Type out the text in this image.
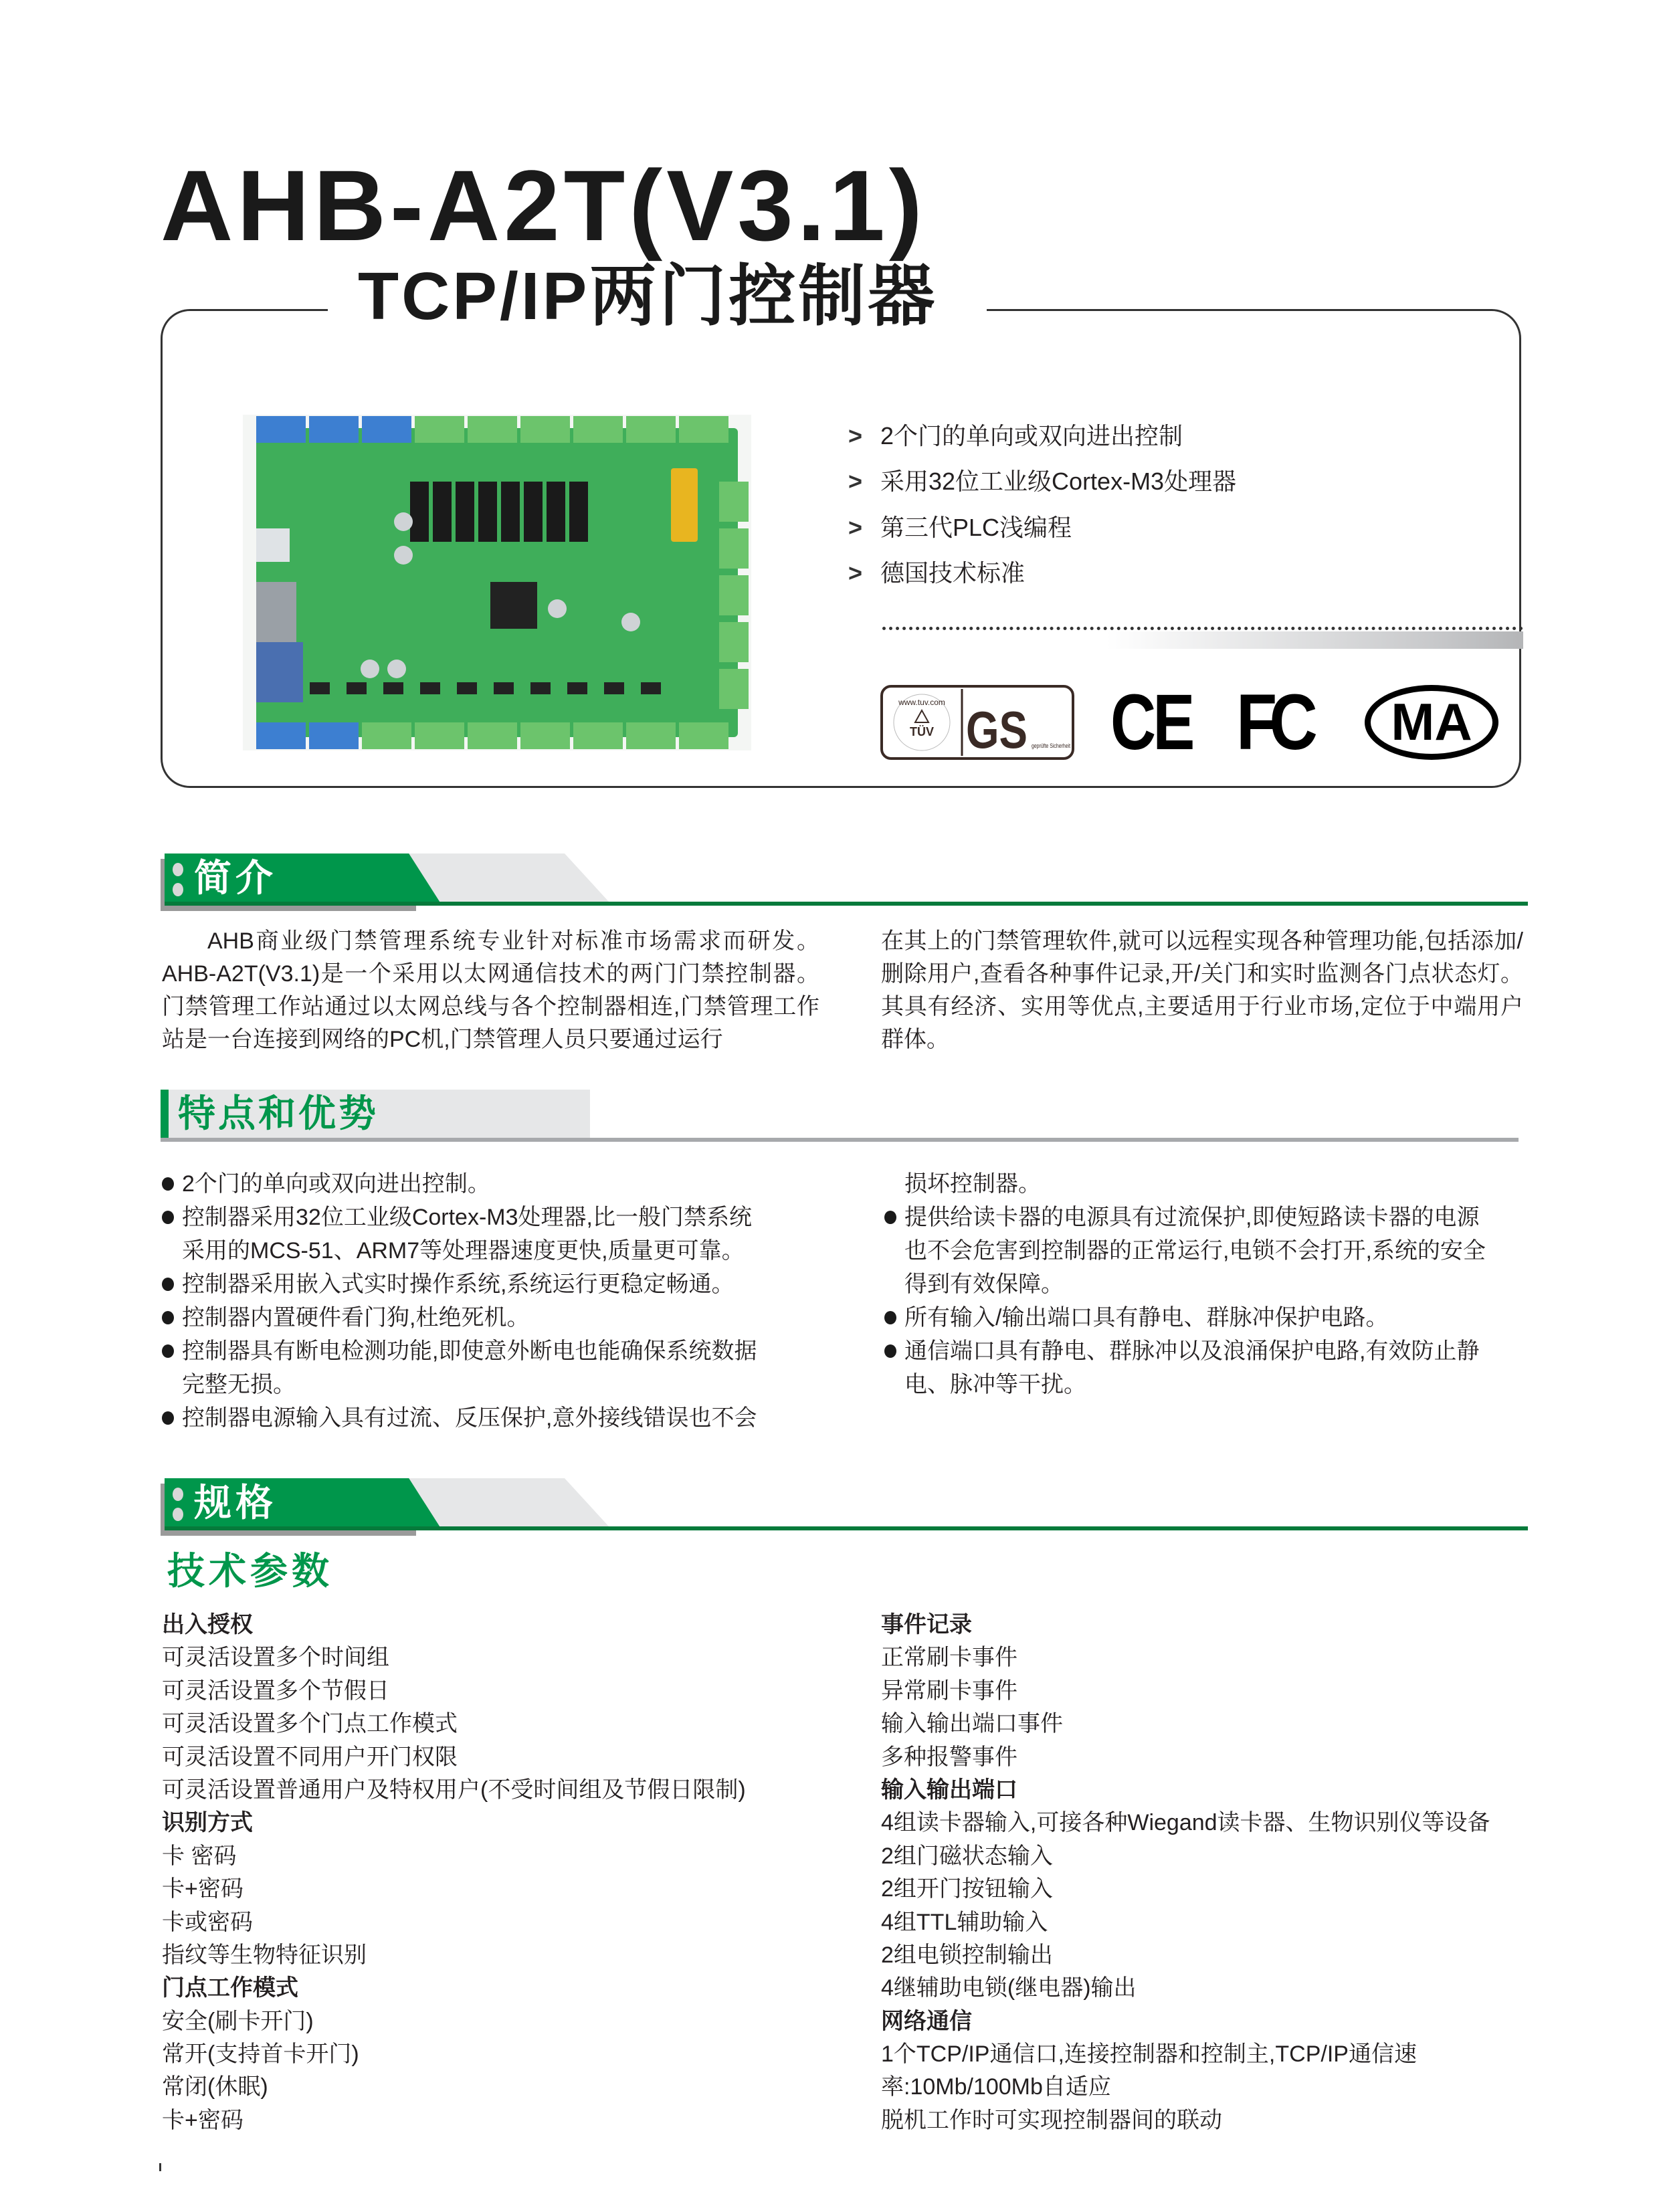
AHB-A2T(V3.1)
TCP/IP两门控制器
> 2个门的单向或双向进出控制
> 采用32位工业级Cortex-M3处理器
> 第三代PLC浅编程
> 德国技术标准
www.tuv.com
TÜV GS geprüfte Sicherheit CE FC	MA
简介
AHB商业级门禁管理系统专业针对标准市场需求而研发。AHB-A2T(V3.1)是一个采用以太网通信技术的两门门禁控制器。门禁管理工作站通过以太网总线与各个控制器相连,门禁管理工作站是一台连接到网络的PC机,门禁管理人员只要通过运行
在其上的门禁管理软件,就可以远程实现各种管理功能,包括添加/删除用户,查看各种事件记录,开/关门和实时监测各门点状态灯。其具有经济、实用等优点,主要适用于行业市场,定位于中端用户群体。
特点和优势
2个门的单向或双向进出控制。
控制器采用32位工业级Cortex-M3处理器,比一般门禁系统
采用的MCS-51、ARM7等处理器速度更快,质量更可靠。
控制器采用嵌入式实时操作系统,系统运行更稳定畅通。
控制器内置硬件看门狗,杜绝死机。
控制器具有断电检测功能,即使意外断电也能确保系统数据
完整无损。
控制器电源输入具有过流、反压保护,意外接线错误也不会
损坏控制器。
提供给读卡器的电源具有过流保护,即使短路读卡器的电源
也不会危害到控制器的正常运行,电锁不会打开,系统的安全
得到有效保障。
所有输入/输出端口具有静电、群脉冲保护电路。
通信端口具有静电、群脉冲以及浪涌保护电路,有效防止静
电、脉冲等干扰。
规格
技术参数
出入授权
可灵活设置多个时间组
可灵活设置多个节假日
可灵活设置多个门点工作模式
可灵活设置不同用户开门权限
可灵活设置普通用户及特权用户(不受时间组及节假日限制)
识别方式
卡 密码
卡+密码
卡或密码
指纹等生物特征识别
门点工作模式
安全(刷卡开门)
常开(支持首卡开门)
常闭(休眠)
卡+密码
事件记录
正常刷卡事件
异常刷卡事件
输入输出端口事件
多种报警事件
输入输出端口
4组读卡器输入,可接各种Wiegand读卡器、生物识别仪等设备
2组门磁状态输入
2组开门按钮输入
4组TTL辅助输入
2组电锁控制输出
4继辅助电锁(继电器)输出
网络通信
1个TCP/IP通信口,连接控制器和控制主,TCP/IP通信速
率:10Mb/100Mb自适应
脱机工作时可实现控制器间的联动
